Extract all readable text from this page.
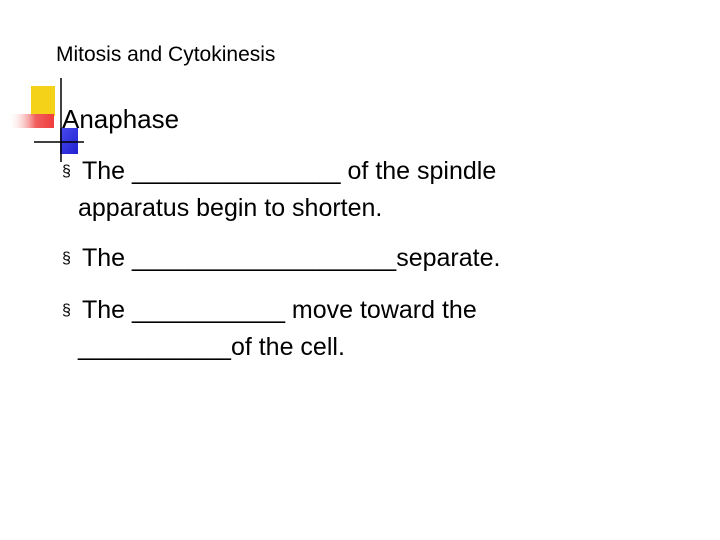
Mitosis and Cytokinesis
Anaphase
§ The _______________ of the spindle
apparatus begin to shorten.
§ The ___________________separate.
§ The ___________ move toward the
___________of the cell.
